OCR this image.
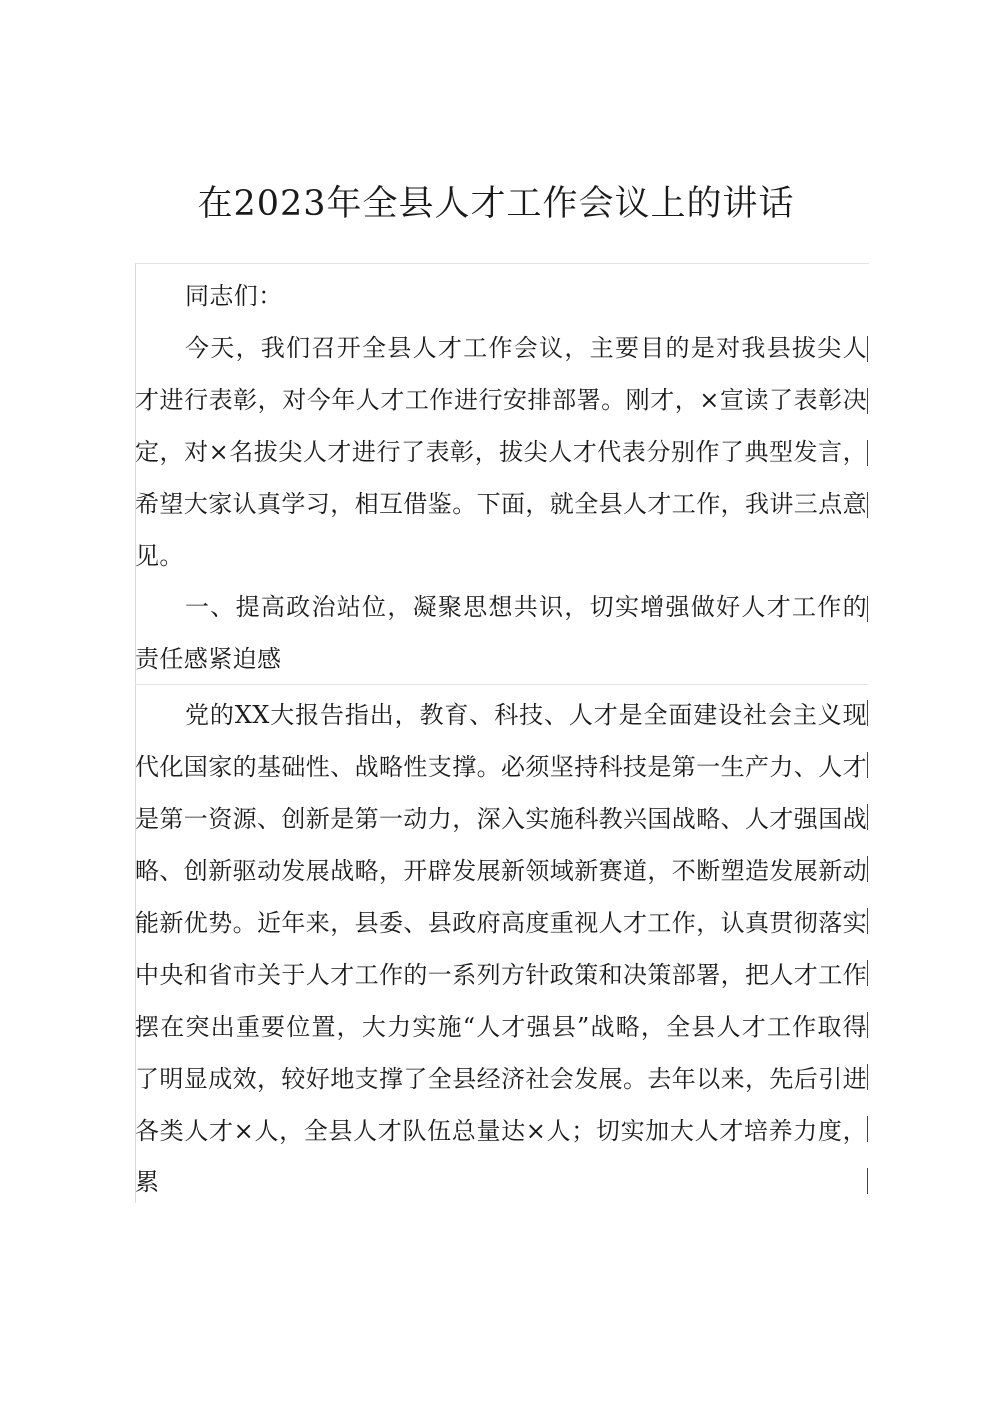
在2023年全县人才工作会议上的讲话

同志们：

今天，我们召开全县人才工作会议，主要目的是对我县拔尖人才进行表彰，对今年人才工作进行安排部署。刚才，×宣读了表彰决定，对×名拔尖人才进行了表彰，拔尖人才代表分别作了典型发言，希望大家认真学习，相互借鉴。下面，就全县人才工作，我讲三点意见。

一、提高政治站位，凝聚思想共识，切实增强做好人才工作的责任感紧迫感

党的XX大报告指出，教育、科技、人才是全面建设社会主义现代化国家的基础性、战略性支撑。必须坚持科技是第一生产力、人才是第一资源、创新是第一动力，深入实施科教兴国战略、人才强国战略、创新驱动发展战略，开辟发展新领域新赛道，不断塑造发展新动能新优势。近年来，县委、县政府高度重视人才工作，认真贯彻落实中央和省市关于人才工作的一系列方针政策和决策部署，把人才工作摆在突出重要位置，大力实施“人才强县”战略，全县人才工作取得了明显成效，较好地支撑了全县经济社会发展。去年以来，先后引进各类人才×人，全县人才队伍总量达×人；切实加大人才培养力度，累
